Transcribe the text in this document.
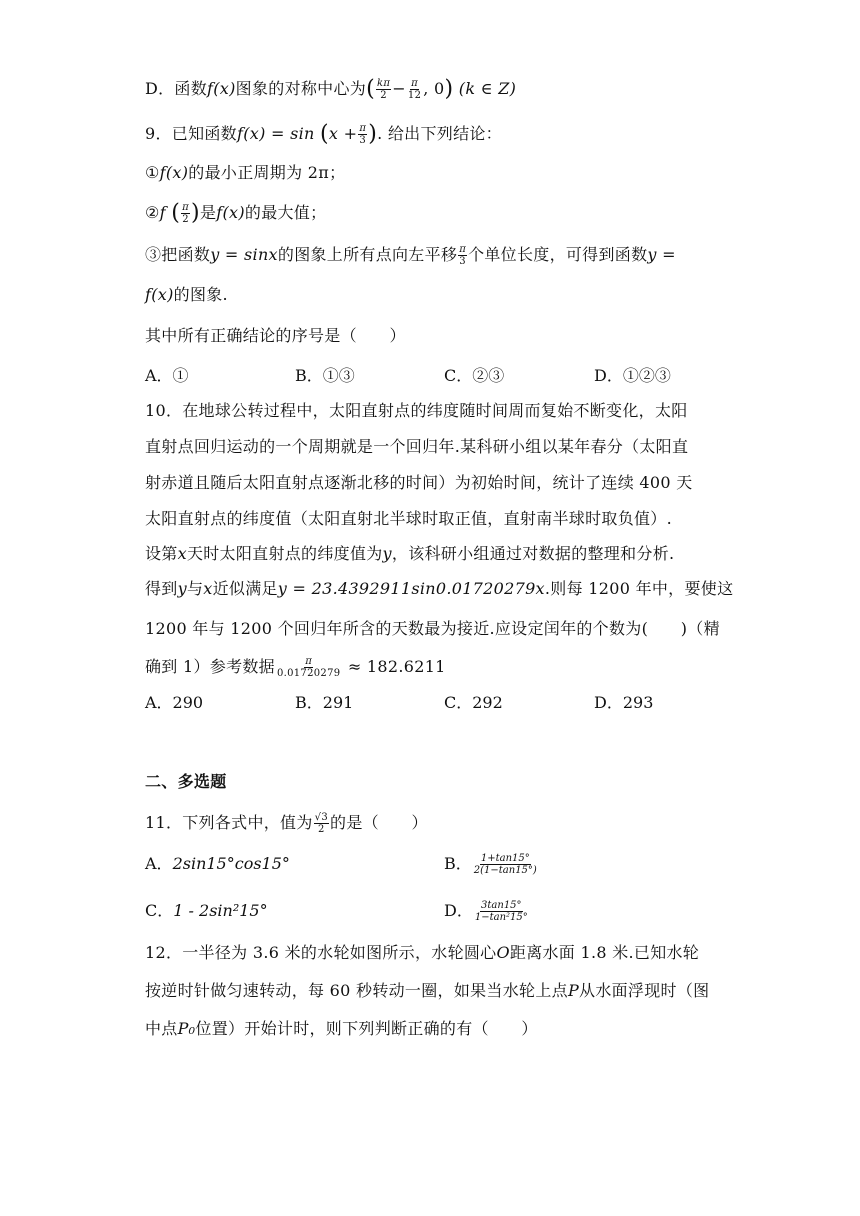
D．函数f(x)图象的对称中心为( $\frac{k\pi}{2} - \frac{\pi}{12}$ , 0) (k ∈ Z)
9．已知函数$f(x) = \sin (x + \frac{\pi}{3}$ ). 给出下列结论：
①f(x)的最小正周期为 2π；
②f ( $\frac{\pi}{2}$ )是f(x)的最大值；
③把函数y = sinx的图象上所有点向左平移 $\frac{\pi}{3}$ 个单位长度，可得到函数y =
f(x)的图象.
其中所有正确结论的序号是（　　）
A．①	B．①③	C．②③	D．①②③
10．在地球公转过程中，太阳直射点的纬度随时间周而复始不断变化，太阳
直射点回归运动的一个周期就是一个回归年.某科研小组以某年春分（太阳直
射赤道且随后太阳直射点逐渐北移的时间）为初始时间，统计了连续 400 天
太阳直射点的纬度值（太阳直射北半球时取正值，直射南半球时取负值）.
设第x天时太阳直射点的纬度值为y，该科研小组通过对数据的整理和分析.
得到y与x近似满足y = 23.4392911sin0.01720279x.则每 1200 年中，要使这
1200 年与 1200 个回归年所含的天数最为接近.应设定闰年的个数为(　　)（精
确到 1）参考数据 $\frac{\pi}{0.01720279} \approx 182.6211$
A．290	B．291	C．292	D．293
二、多选题
11．下列各式中，值为 $\frac{√3}{2}$ 的是（　　）
A．2sin15°cos15°	B． $\frac{1+\tan 15^\circ}{2(1-\tan 15^\circ)}$
C．1 - 2sin²15°	D． $\frac{3\tan 15^\circ}{\text{1−tan²15°}}$
12．一半径为 3.6 米的水轮如图所示，水轮圆心O距离水面 1.8 米.已知水轮
按逆时针做匀速转动，每 60 秒转动一圈，如果当水轮上点P从水面浮现时（图
中点P₀位置）开始计时，则下列判断正确的有（　　）
